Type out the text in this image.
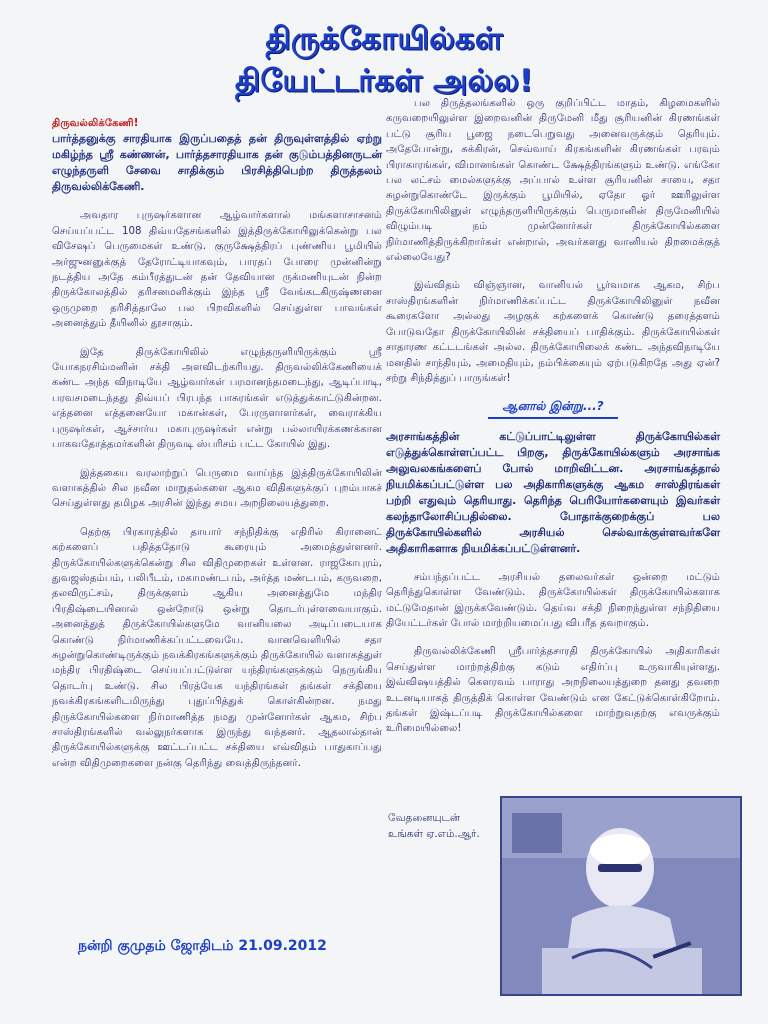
திருக்கோயில்கள்
தியேட்டர்கள் அல்ல!

திருவல்லிக்கேணி!

பார்த்தனுக்கு சாரதியாக இருப்பதைத் தன் திருவுள்ளத்தில் ஏற்று மகிழ்ந்த ஸ்ரீ கண்ணன், பார்த்தசாரதியாக தன் குடும்பத்தினருடன் எழுந்தருளி சேவை சாதிக்கும் பிரசித்திபெற்ற திருத்தலம் திருவல்லிக்கேணி.

அவதார புருஷர்களான ஆழ்வார்களால் மங்களாசாசனம் செய்யப்பட்ட 108 திவ்யதேசங்களில் இத்திருக்கோயிலுக்கென்று பல விசேஷப் பெருமைகள் உண்டு. குருக்ஷேத்திரப் புண்ணிய பூமியில் அர்ஜுனனுக்குத் தேரோட்டியாகவும், பாரதப் போரை முன்னின்று நடத்திய அதே கம்பீரத்துடன் தன் தேவியான ருக்மணியுடன் நின்ற திருக்கோலத்தில் தரிசனமளிக்கும் இந்த ஸ்ரீ வேங்கடகிருஷ்ணனை ஒருமுறை தரிசித்தாலே பல பிறவிகளில் செய்துள்ள பாவங்கள் அனைத்தும் தீயினில் தூசாகும்.

இதே திருக்கோயிலில் எழுந்தருளியிருக்கும் ஸ்ரீ யோகநரசிம்மனின் சக்தி அளவிடற்கரியது. திருவல்லிக்கேணியைக் கண்ட அந்த விநாடியே ஆழ்வார்கள் பரமானந்தமடைந்து, ஆடிப்பாடி, பரவசமடைந்தது திவ்யப் பிரபந்த பாசுரங்கள் எடுத்துக்காட்டுகின்றன. எத்தனை எத்தனையோ மகான்கள், பேரருளாளர்கள், வைராக்கிய புருஷர்கள், ஆச்சார்ய மகாபுருஷர்கள் என்று பல்லாயிரக்கணக்கான பாகவதோத்தமர்களின் திருவடி ஸ்பரிசம் பட்ட கோயில் இது.

இத்தகைய வரலாற்றுப் பெருமை வாய்ந்த இத்திருக்கோயிலின் வளாகத்தில் சில நவீன மாறுதல்களை ஆகம விதிகளுக்குப் புறம்பாகச் செய்துள்ளது தமிழக அரசின் இந்து சமய அறநிலையத்துறை.

தெற்கு பிரகாரத்தில் தாயார் சந்நிதிக்கு எதிரில் கிரானைட் கற்களைப் பதித்ததோடு கூரையும் அமைத்துள்ளனர். திருக்கோயில்களுக்கென்று சில விதிமுறைகள் உள்ளன. ராஜகோபுரம், துவஜஸ்தம்பம், பலிபீடம், மகாமண்டபம், அர்த்த மண்டபம், கருவறை, தலவிருட்சம், திருக்குளம் ஆகிய அனைத்துமே மந்திர பிரதிஷ்டையினால் ஒன்றோடு ஒன்று தொடர்புள்ளவையாகும். அனைத்துத் திருக்கோயில்களுமே வானியலை அடிப்படையாக கொண்டு நிர்மாணிக்கப்பட்டவையே. வானவெளியில் சதா சுழன்றுகொண்டிருக்கும் நவக்கிரகங்களுக்கும் திருக்கோயில் வளாகத்துள் மந்திர பிரதிஷ்டை செய்யப்பட்டுள்ள யந்திரங்களுக்கும் நெருங்கிய தொடர்பு உண்டு. சில பிரத்யேக யந்திரங்கள் தங்கள் சக்தியை நவக்கிரகங்களிடமிருந்து புதுப்பித்துக் கொள்கின்றன. நமது திருக்கோயில்களை நிர்மாணித்த நமது முன்னோர்கள் ஆகம, சிற்ப சாஸ்திரங்களில் வல்லுநர்களாக இருந்து வந்தனர். ஆதலால்தான் திருக்கோயில்களுக்கு ஊட்டப்பட்ட சக்தியை எவ்விதம் பாதுகாப்பது என்ற விதிமுறைகளை நன்கு தெரிந்து வைத்திருந்தனர்.

பல திருத்தலங்களில் ஒரு குறிப்பிட்ட மாதம், கிழமைகளில் கருவறையிலுள்ள இறைவனின் திருமேனி மீது சூரியனின் கிரணங்கள் பட்டு சூரிய பூஜை நடைபெறுவது அனைவருக்கும் தெரியும். அதேபோன்று, சுக்கிரன், செவ்வாய் கிரகங்களின் கிரணங்கள் பரவும் பிராகாரங்கள், விமானங்கள் கொண்ட க்ஷேத்திரங்களும் உண்டு. எங்கோ பல லட்சம் மைல்களுக்கு அப்பால் உள்ள சூரியனின் சாயை, சதா சுழன்றுகொண்டே இருக்கும் பூமியில், ஏதோ ஓர் ஊரிலுள்ள திருக்கோயிலினுள் எழுந்தருளியிருக்கும் பெருமானின் திருமேனியில் விழும்படி நம் முன்னோர்கள் திருக்கோயில்களை நிர்மாணித்திருக்கிறார்கள் என்றால், அவர்களது வானியல் திறமைக்குத் எல்லையேது?

இவ்விதம் விஞ்ஞான, வானியல் பூர்வமாக ஆகம, சிற்ப சாஸ்திரங்களின் நிர்மாணிக்கப்பட்ட திருக்கோயிலினுள் நவீன கூரைகளோ அல்லது அழகுக் கற்களைக் கொண்டு தரைத்தளம் போடுவதோ திருக்கோயிலின் சக்தியைப் பாதிக்கும். திருக்கோயில்கள் சாதாரண கட்டடங்கள் அல்ல. திருக்கோயிலைக் கண்ட அந்தவிநாடியே மனதில் சாந்தியும், அமைதியும், நம்பிக்கையும் ஏற்படுகிறதே அது ஏன்? சற்று சிந்தித்துப் பாருங்கள்!

ஆனால் இன்று...?

அரசாங்கத்தின் கட்டுப்பாட்டிலுள்ள திருக்கோயில்கள் எடுத்துக்கொள்ளப்பட்ட பிறகு, திருக்கோயில்களும் அரசாங்க அலுவலகங்களைப் போல் மாறிவிட்டன. அரசாங்கத்தால் நியமிக்கப்பட்டுள்ள பல அதிகாரிகளுக்கு ஆகம சாஸ்திரங்கள் பற்றி எதுவும் தெரியாது. தெரிந்த பெரியோர்களையும் இவர்கள் கலந்தாலோசிப்பதில்லை. போதாக்குறைக்குப் பல திருக்கோயில்களில் அரசியல் செல்வாக்குள்ளவர்களே அதிகாரிகளாக நியமிக்கப்பட்டுள்ளனர்.

சம்பந்தப்பட்ட அரசியல் தலைவர்கள் ஒன்றை மட்டும் தெரிந்துகொள்ள வேண்டும். திருக்கோயில்கள் திருக்கோயில்களாக மட்டுமேதான் இருக்கவேண்டும். தெய்வ சக்தி நிறைந்துள்ள சந்நிதியை தியேட்டர்கள் போல் மாற்றியமைப்பது விபரீத தவறாகும்.

திருவல்லிக்கேணி ஸ்ரீபார்த்தசாரதி திருக்கோயில் அதிகாரிகள் செய்துள்ள மாற்றத்திற்கு கடும் எதிர்ப்பு உருவாகியுள்ளது. இவ்விஷயத்தில் கௌரவம் பாராது அறநிலையத்துறை தனது தவறை உடனடியாகத் திருத்திக் கொள்ள வேண்டும் என கேட்டுக்கொள்கிறோம். தங்கள் இஷ்டப்படி திருக்கோயில்களை மாற்றுவதற்கு எவருக்கும் உரிமையில்லை!

வேதனையுடன்
உங்கள் ஏ.எம்.ஆர்.
நன்றி குமுதம் ஜோதிடம் 21.09.2012
